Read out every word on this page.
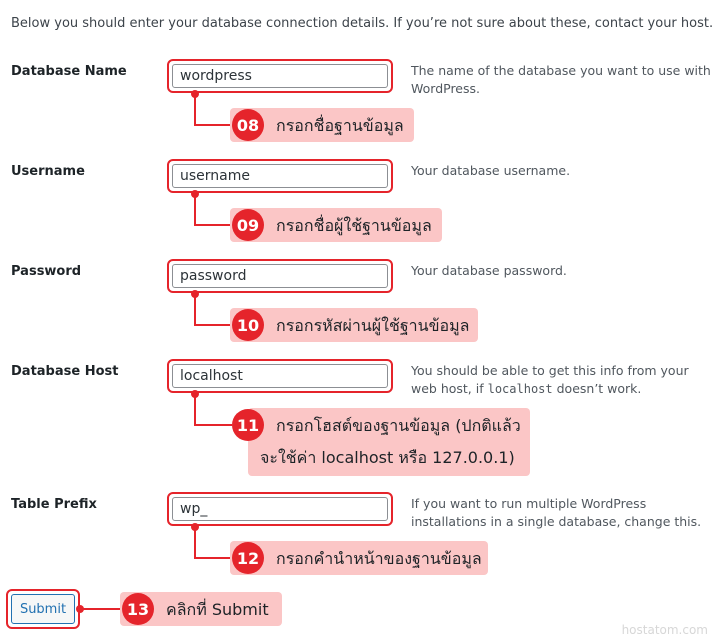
Below you should enter your database connection details. If you’re not sure about these, contact your host.
Database Name
wordpress	The name of the database you want to use with WordPress.
08	กรอกชื่อฐานข้อมูล
Username
username	Your database username.
09	กรอกชื่อผู้ใช้ฐานข้อมูล
Password
password	Your database password.
10	กรอกรหัสผ่านผู้ใช้ฐานข้อมูล
Database Host
localhost	You should be able to get this info from your web host, if localhost doesn’t work.
11	กรอกโฮสต์ของฐานข้อมูล (ปกติแล้ว
จะใช้ค่า localhost หรือ 127.0.0.1)
Table Prefix
wp_	If you want to run multiple WordPress installations in a single database, change this.
12	กรอกคำนำหน้าของฐานข้อมูล
Submit	13	คลิกที่ Submit
hostatom.com
